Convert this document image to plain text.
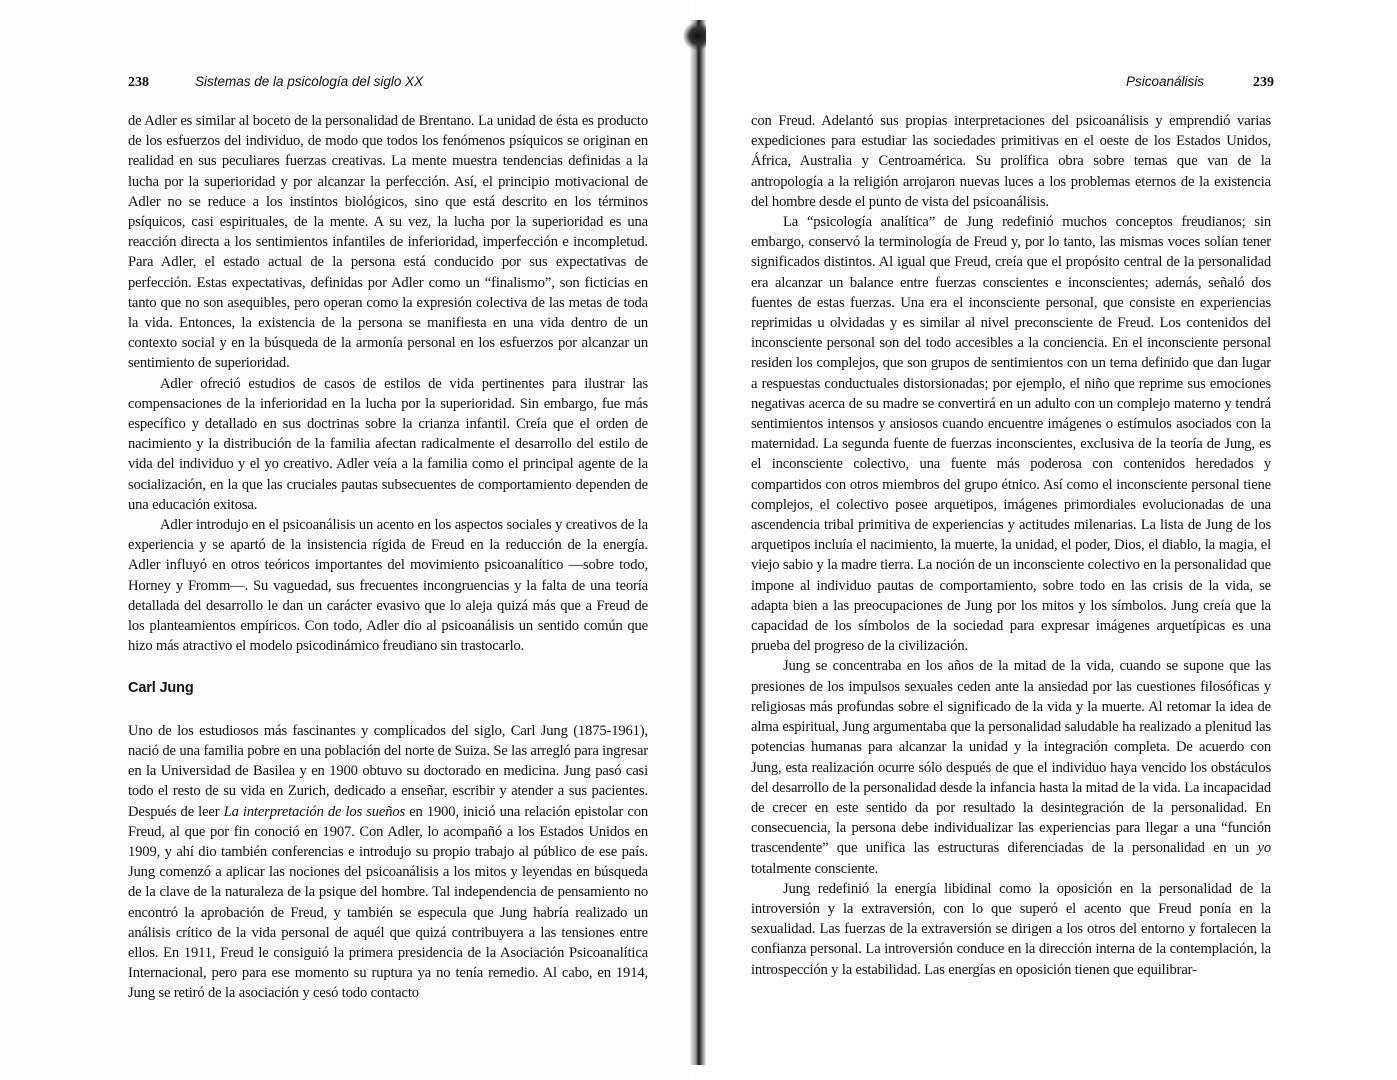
238	Sistemas de la psicología del siglo XX

de Adler es similar al boceto de la personalidad de Brentano. La unidad de ésta es producto de los esfuerzos del individuo, de modo que todos los fenómenos psíquicos se originan en realidad en sus peculiares fuerzas creativas. La mente muestra tendencias definidas a la lucha por la superioridad y por alcanzar la perfección. Así, el principio motivacional de Adler no se reduce a los instintos biológicos, sino que está descrito en los términos psíquicos, casi espirituales, de la mente. A su vez, la lucha por la superioridad es una reacción directa a los sentimientos infantiles de inferioridad, imperfección e incompletud. Para Adler, el estado actual de la persona está conducido por sus expectativas de perfección. Estas expectativas, definidas por Adler como un “finalismo”, son ficticias en tanto que no son asequibles, pero operan como la expresión colectiva de las metas de toda la vida. Entonces, la existencia de la persona se manifiesta en una vida dentro de un contexto social y en la búsqueda de la armonía personal en los esfuerzos por alcanzar un sentimiento de superioridad.

Adler ofreció estudios de casos de estilos de vida pertinentes para ilustrar las compensaciones de la inferioridad en la lucha por la superioridad. Sin embargo, fue más específico y detallado en sus doctrinas sobre la crianza infantil. Creía que el orden de nacimiento y la distribución de la familia afectan radicalmente el desarrollo del estilo de vida del individuo y el yo creativo. Adler veía a la familia como el principal agente de la socialización, en la que las cruciales pautas subsecuentes de comportamiento dependen de una educación exitosa.

Adler introdujo en el psicoanálisis un acento en los aspectos sociales y creativos de la experiencia y se apartó de la insistencia rígida de Freud en la reducción de la energía. Adler influyó en otros teóricos importantes del movimiento psicoanalítico —sobre todo, Horney y Fromm—. Su vaguedad, sus frecuentes incongruencias y la falta de una teoría detallada del desarrollo le dan un carácter evasivo que lo aleja quizá más que a Freud de los planteamientos empíricos. Con todo, Adler dio al psicoanálisis un sentido común que hizo más atractivo el modelo psicodinámico freudiano sin trastocarlo.

Carl Jung

Uno de los estudiosos más fascinantes y complicados del siglo, Carl Jung (1875-1961), nació de una familia pobre en una población del norte de Suiza. Se las arregló para ingresar en la Universidad de Basilea y en 1900 obtuvo su doctorado en medicina. Jung pasó casi todo el resto de su vida en Zurich, dedicado a enseñar, escribir y atender a sus pacientes. Después de leer La interpretación de los sueños en 1900, inició una relación epistolar con Freud, al que por fin conoció en 1907. Con Adler, lo acompañó a los Estados Unidos en 1909, y ahí dio también conferencias e introdujo su propio trabajo al público de ese país. Jung comenzó a aplicar las nociones del psicoanálisis a los mitos y leyendas en búsqueda de la clave de la naturaleza de la psique del hombre. Tal independencia de pensamiento no encontró la aprobación de Freud, y también se especula que Jung habría realizado un análisis crítico de la vida personal de aquél que quizá contribuyera a las tensiones entre ellos. En 1911, Freud le consiguió la primera presidencia de la Asociación Psicoanalítica Internacional, pero para ese momento su ruptura ya no tenía remedio. Al cabo, en 1914, Jung se retiró de la asociación y cesó todo contacto

Psicoanálisis	239

con Freud. Adelantó sus propias interpretaciones del psicoanálisis y emprendió varias expediciones para estudiar las sociedades primitivas en el oeste de los Estados Unidos, África, Australia y Centroamérica. Su prolífica obra sobre temas que van de la antropología a la religión arrojaron nuevas luces a los problemas eternos de la existencia del hombre desde el punto de vista del psicoanálisis.

La “psicología analítica” de Jung redefinió muchos conceptos freudianos; sin embargo, conservó la terminología de Freud y, por lo tanto, las mismas voces solían tener significados distintos. Al igual que Freud, creía que el propósito central de la personalidad era alcanzar un balance entre fuerzas conscientes e inconscientes; además, señaló dos fuentes de estas fuerzas. Una era el inconsciente personal, que consiste en experiencias reprimidas u olvidadas y es similar al nivel preconsciente de Freud. Los contenidos del inconsciente personal son del todo accesibles a la conciencia. En el inconsciente personal residen los complejos, que son grupos de sentimientos con un tema definido que dan lugar a respuestas conductuales distorsionadas; por ejemplo, el niño que reprime sus emociones negativas acerca de su madre se convertirá en un adulto con un complejo materno y tendrá sentimientos intensos y ansiosos cuando encuentre imágenes o estímulos asociados con la maternidad. La segunda fuente de fuerzas inconscientes, exclusiva de la teoría de Jung, es el inconsciente colectivo, una fuente más poderosa con contenidos heredados y compartidos con otros miembros del grupo étnico. Así como el inconsciente personal tiene complejos, el colectivo posee arquetipos, imágenes primordiales evolucionadas de una ascendencia tribal primitiva de experiencias y actitudes milenarias. La lista de Jung de los arquetipos incluía el nacimiento, la muerte, la unidad, el poder, Dios, el diablo, la magia, el viejo sabio y la madre tierra. La noción de un inconsciente colectivo en la personalidad que impone al individuo pautas de comportamiento, sobre todo en las crisis de la vida, se adapta bien a las preocupaciones de Jung por los mitos y los símbolos. Jung creía que la capacidad de los símbolos de la sociedad para expresar imágenes arquetípicas es una prueba del progreso de la civilización.

Jung se concentraba en los años de la mitad de la vida, cuando se supone que las presiones de los impulsos sexuales ceden ante la ansiedad por las cuestiones filosóficas y religiosas más profundas sobre el significado de la vida y la muerte. Al retomar la idea de alma espiritual, Jung argumentaba que la personalidad saludable ha realizado a plenitud las potencias humanas para alcanzar la unidad y la integración completa. De acuerdo con Jung, esta realización ocurre sólo después de que el individuo haya vencido los obstáculos del desarrollo de la personalidad desde la infancia hasta la mitad de la vida. La incapacidad de crecer en este sentido da por resultado la desintegración de la personalidad. En consecuencia, la persona debe individualizar las experiencias para llegar a una “función trascendente” que unifica las estructuras diferenciadas de la personalidad en un yo totalmente consciente.

Jung redefinió la energía libidinal como la oposición en la personalidad de la introversión y la extraversión, con lo que superó el acento que Freud ponía en la sexualidad. Las fuerzas de la extraversión se dirigen a los otros del entorno y fortalecen la confianza personal. La introversión conduce en la dirección interna de la contemplación, la introspección y la estabilidad. Las energías en oposición tienen que equilibrar-
